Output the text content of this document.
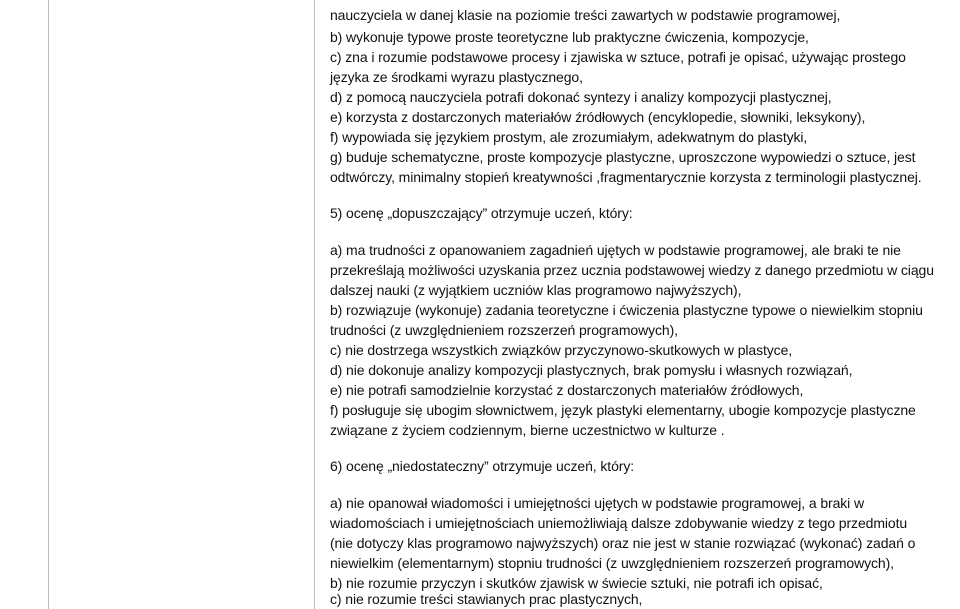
nauczyciela w danej klasie na poziomie treści zawartych w podstawie programowej,
b) wykonuje typowe proste teoretyczne lub praktyczne ćwiczenia, kompozycje,
c) zna i rozumie podstawowe procesy i zjawiska w sztuce, potrafi je opisać, używając prostego
języka ze środkami wyrazu plastycznego,
d) z pomocą nauczyciela potrafi dokonać syntezy i analizy kompozycji plastycznej,
e) korzysta z dostarczonych materiałów źródłowych (encyklopedie, słowniki, leksykony),
f) wypowiada się językiem prostym, ale zrozumiałym, adekwatnym do plastyki,
g) buduje schematyczne, proste kompozycje plastyczne, uproszczone wypowiedzi o sztuce, jest
odtwórczy, minimalny stopień kreatywności ,fragmentarycznie korzysta z terminologii plastycznej.
5) ocenę „dopuszczający” otrzymuje uczeń, który:
a) ma trudności z opanowaniem zagadnień ujętych w podstawie programowej, ale braki te nie
przekreślają możliwości uzyskania przez ucznia podstawowej wiedzy z danego przedmiotu w ciągu
dalszej nauki (z wyjątkiem uczniów klas programowo najwyższych),
b) rozwiązuje (wykonuje) zadania teoretyczne i ćwiczenia plastyczne typowe o niewielkim stopniu
trudności (z uwzględnieniem rozszerzeń programowych),
c) nie dostrzega wszystkich związków przyczynowo-skutkowych w plastyce,
d) nie dokonuje analizy kompozycji plastycznych, brak pomysłu i własnych rozwiązań,
e) nie potrafi samodzielnie korzystać z dostarczonych materiałów źródłowych,
f) posługuje się ubogim słownictwem, język plastyki elementarny, ubogie kompozycje plastyczne
związane z życiem codziennym, bierne uczestnictwo w kulturze .
6) ocenę „niedostateczny” otrzymuje uczeń, który:
a) nie opanował wiadomości i umiejętności ujętych w podstawie programowej, a braki w
wiadomościach i umiejętnościach uniemożliwiają dalsze zdobywanie wiedzy z tego przedmiotu
(nie dotyczy klas programowo najwyższych) oraz nie jest w stanie rozwiązać (wykonać) zadań o
niewielkim (elementarnym) stopniu trudności (z uwzględnieniem rozszerzeń programowych),
b) nie rozumie przyczyn i skutków zjawisk w świecie sztuki, nie potrafi ich opisać,
c) nie rozumie treści stawianych prac plastycznych,
